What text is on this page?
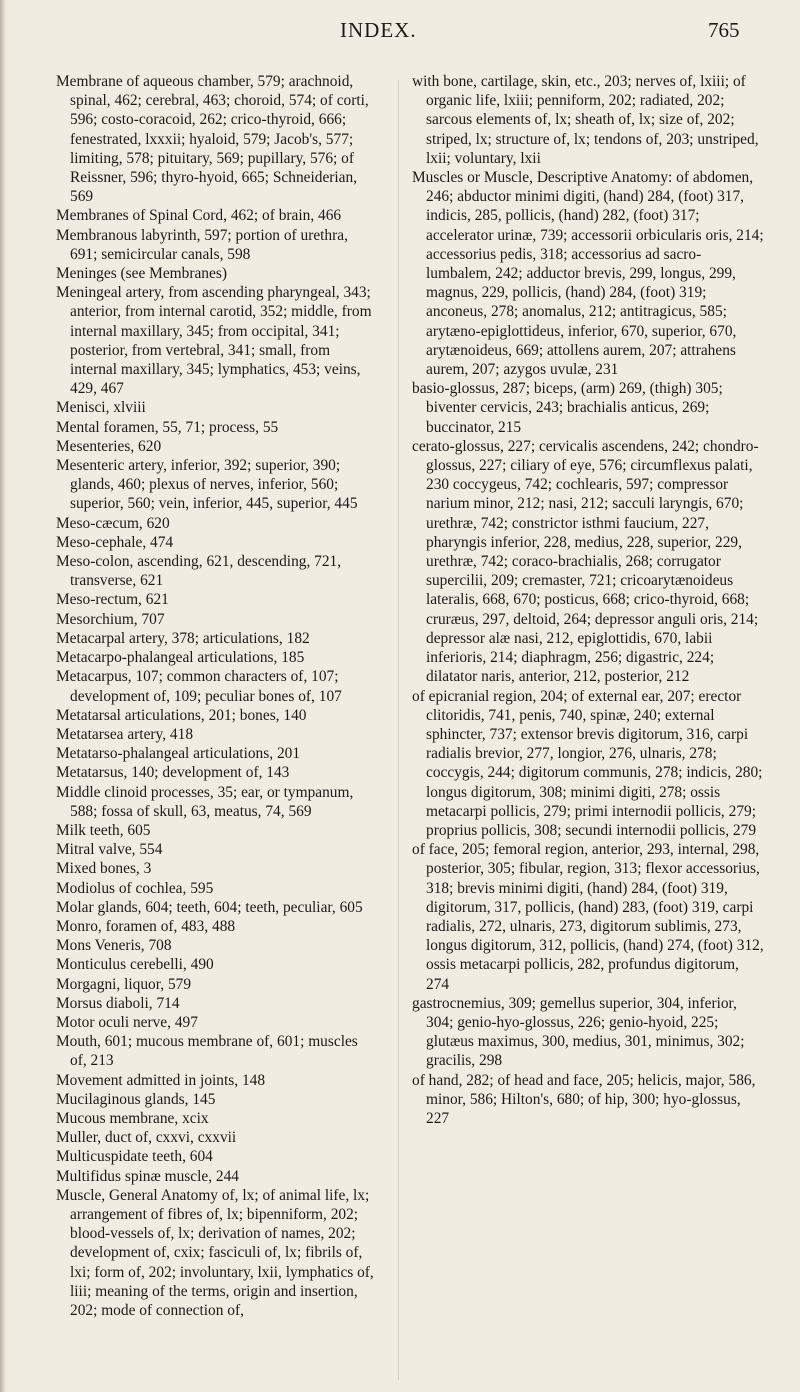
INDEX.	765

Membrane of aqueous chamber, 579; arachnoid, spinal, 462; cerebral, 463; choroid, 574; of corti, 596; costo-coracoid, 262; crico-thyroid, 666; fenestrated, lxxxii; hyaloid, 579; Jacob's, 577; limiting, 578; pituitary, 569; pupillary, 576; of Reissner, 596; thyro-hyoid, 665; Schneiderian, 569

Membranes of Spinal Cord, 462; of brain, 466

Membranous labyrinth, 597; portion of urethra, 691; semicircular canals, 598

Meninges (see Membranes)

Meningeal artery, from ascending pharyngeal, 343; anterior, from internal carotid, 352; middle, from internal maxillary, 345; from occipital, 341; posterior, from vertebral, 341; small, from internal maxillary, 345; lymphatics, 453; veins, 429, 467

Menisci, xlviii

Mental foramen, 55, 71; process, 55

Mesenteries, 620

Mesenteric artery, inferior, 392; superior, 390; glands, 460; plexus of nerves, inferior, 560; superior, 560; vein, inferior, 445, superior, 445

Meso-cæcum, 620

Meso-cephale, 474

Meso-colon, ascending, 621, descending, 721, transverse, 621

Meso-rectum, 621

Mesorchium, 707

Metacarpal artery, 378; articulations, 182

Metacarpo-phalangeal articulations, 185

Metacarpus, 107; common characters of, 107; development of, 109; peculiar bones of, 107

Metatarsal articulations, 201; bones, 140

Metatarsea artery, 418

Metatarso-phalangeal articulations, 201

Metatarsus, 140; development of, 143

Middle clinoid processes, 35; ear, or tympanum, 588; fossa of skull, 63, meatus, 74, 569

Milk teeth, 605

Mitral valve, 554

Mixed bones, 3

Modiolus of cochlea, 595

Molar glands, 604; teeth, 604; teeth, peculiar, 605

Monro, foramen of, 483, 488

Mons Veneris, 708

Monticulus cerebelli, 490

Morgagni, liquor, 579

Morsus diaboli, 714

Motor oculi nerve, 497

Mouth, 601; mucous membrane of, 601; muscles of, 213

Movement admitted in joints, 148

Mucilaginous glands, 145

Mucous membrane, xcix

Muller, duct of, cxxvi, cxxvii

Multicuspidate teeth, 604

Multifidus spinæ muscle, 244

Muscle, General Anatomy of, lx; of animal life, lx; arrangement of fibres of, lx; bipenniform, 202; blood-vessels of, lx; derivation of names, 202; development of, cxix; fasciculi of, lx; fibrils of, lxi; form of, 202; involuntary, lxii, lymphatics of, liii; meaning of the terms, origin and insertion, 202; mode of connection of,

with bone, cartilage, skin, etc., 203; nerves of, lxiii; of organic life, lxiii; penniform, 202; radiated, 202; sarcous elements of, lx; sheath of, lx; size of, 202; striped, lx; structure of, lx; tendons of, 203; unstriped, lxii; voluntary, lxii

Muscles or Muscle, Descriptive Anatomy: of abdomen, 246; abductor minimi digiti, (hand) 284, (foot) 317, indicis, 285, pollicis, (hand) 282, (foot) 317; accelerator urinæ, 739; accessorii orbicularis oris, 214; accessorius pedis, 318; accessorius ad sacro-lumbalem, 242; adductor brevis, 299, longus, 299, magnus, 229, pollicis, (hand) 284, (foot) 319; anconeus, 278; anomalus, 212; antitragicus, 585; arytæno-epiglottideus, inferior, 670, superior, 670, arytænoideus, 669; attollens aurem, 207; attrahens aurem, 207; azygos uvulæ, 231

basio-glossus, 287; biceps, (arm) 269, (thigh) 305; biventer cervicis, 243; brachialis anticus, 269; buccinator, 215

cerato-glossus, 227; cervicalis ascendens, 242; chondro-glossus, 227; ciliary of eye, 576; circumflexus palati, 230 coccygeus, 742; cochlearis, 597; compressor narium minor, 212; nasi, 212; sacculi laryngis, 670; urethræ, 742; constrictor isthmi faucium, 227, pharyngis inferior, 228, medius, 228, superior, 229, urethræ, 742; coraco-brachialis, 268; corrugator supercilii, 209; cremaster, 721; cricoarytænoideus lateralis, 668, 670; posticus, 668; crico-thyroid, 668; cruræus, 297, deltoid, 264; depressor anguli oris, 214; depressor alæ nasi, 212, epiglottidis, 670, labii inferioris, 214; diaphragm, 256; digastric, 224; dilatator naris, anterior, 212, posterior, 212

of epicranial region, 204; of external ear, 207; erector clitoridis, 741, penis, 740, spinæ, 240; external sphincter, 737; extensor brevis digitorum, 316, carpi radialis brevior, 277, longior, 276, ulnaris, 278; coccygis, 244; digitorum communis, 278; indicis, 280; longus digitorum, 308; minimi digiti, 278; ossis metacarpi pollicis, 279; primi internodii pollicis, 279; proprius pollicis, 308; secundi internodii pollicis, 279

of face, 205; femoral region, anterior, 293, internal, 298, posterior, 305; fibular, region, 313; flexor accessorius, 318; brevis minimi digiti, (hand) 284, (foot) 319, digitorum, 317, pollicis, (hand) 283, (foot) 319, carpi radialis, 272, ulnaris, 273, digitorum sublimis, 273, longus digitorum, 312, pollicis, (hand) 274, (foot) 312, ossis metacarpi pollicis, 282, profundus digitorum, 274

gastrocnemius, 309; gemellus superior, 304, inferior, 304; genio-hyo-glossus, 226; genio-hyoid, 225; glutæus maximus, 300, medius, 301, minimus, 302; gracilis, 298

of hand, 282; of head and face, 205; helicis, major, 586, minor, 586; Hilton's, 680; of hip, 300; hyo-glossus, 227
